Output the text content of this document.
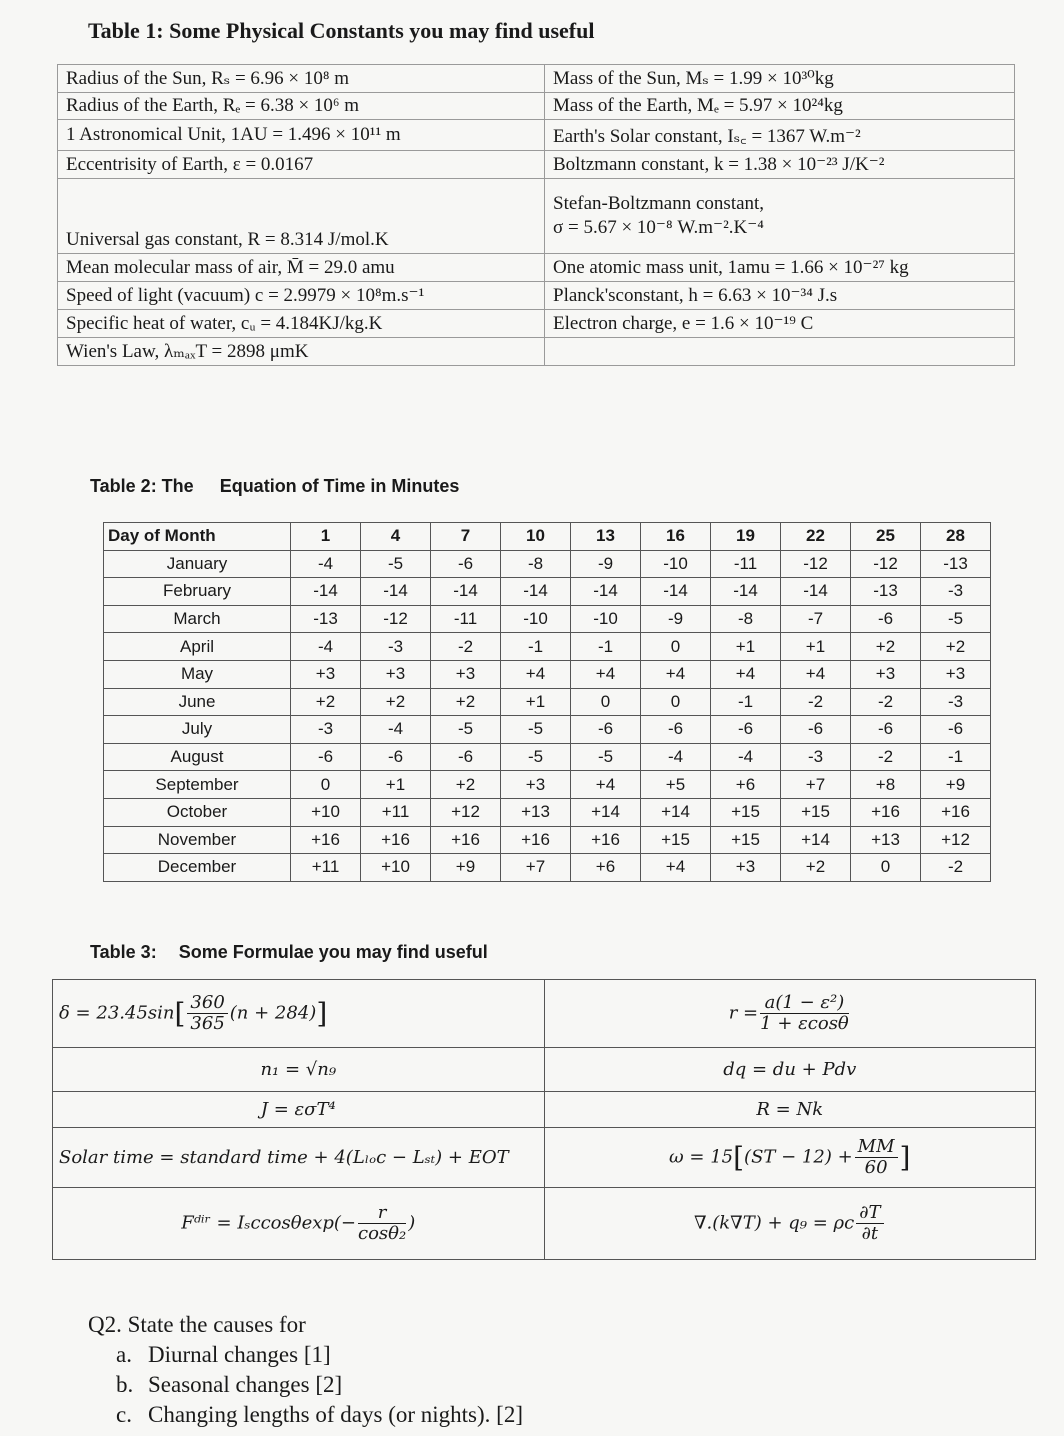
Table 1: Some Physical Constants you may find useful
Radius of the Sun, Rₛ = 6.96 × 10⁸ m	Mass of the Sun, Mₛ = 1.99 × 10³⁰kg
Radius of the Earth, Rₑ = 6.38 × 10⁶ m	Mass of the Earth, Mₑ = 5.97 × 10²⁴kg
1 Astronomical Unit, 1AU = 1.496 × 10¹¹ m	Earth's Solar constant, Iₛ꜀ = 1367 W.m⁻²
Eccentrisity of Earth, ε = 0.0167	Boltzmann constant, k = 1.38 × 10⁻²³ J/K⁻²
Universal gas constant, R = 8.314 J/mol.K	Stefan-Boltzmann constant,
σ = 5.67 × 10⁻⁸ W.m⁻².K⁻⁴

Mean molecular mass of air, M̄ = 29.0 amu	One atomic mass unit, 1amu = 1.66 × 10⁻²⁷ kg
Speed of light (vacuum) c = 2.9979 × 10⁸m.s⁻¹	Planck'sconstant, h = 6.63 × 10⁻³⁴ J.s
Specific heat of water, cᵤ = 4.184KJ/kg.K	Electron charge, e = 1.6 × 10⁻¹⁹ C
Wien's Law, λₘₐₓT = 2898 μmK	
Table 2: The Equation of Time in Minutes
Day of Month	1	4	7	10	13	16	19	22	25	28
January	-4	-5	-6	-8	-9	-10	-11	-12	-12	-13
February	-14	-14	-14	-14	-14	-14	-14	-14	-13	-3
March	-13	-12	-11	-10	-10	-9	-8	-7	-6	-5
April	-4	-3	-2	-1	-1	0	+1	+1	+2	+2
May	+3	+3	+3	+4	+4	+4	+4	+4	+3	+3
June	+2	+2	+2	+1	0	0	-1	-2	-2	-3
July	-3	-4	-5	-5	-6	-6	-6	-6	-6	-6
August	-6	-6	-6	-5	-5	-4	-4	-3	-2	-1
September	0	+1	+2	+3	+4	+5	+6	+7	+8	+9
October	+10	+11	+12	+13	+14	+14	+15	+15	+16	+16
November	+16	+16	+16	+16	+16	+15	+15	+14	+13	+12
December	+11	+10	+9	+7	+6	+4	+3	+2	0	-2
Table 3: Some Formulae you may find useful
$\delta = 23.45\sin[ \frac{360}{365} (n + 284)]$	$r = \frac{\text{a(1 − ε²)}}{1 + \varepsilon\cos\theta}$

n₁ = √n₉	dq = du + Pdv
J = εσT⁴	R = Nk
Solar time = standard time + 4(Lₗₒc − Lₛₜ) + EOT	$\omega = 15[(ST - 12) + \frac{MM}{60}$ ]
Fᵈⁱʳ = $I_sccos\theta\exp(- \frac{r}{\text{cosθ₂}}$ )	∇.(k∇T) + q₉ = ρc $\frac{\partial T}{\partial t}$
Q2. State the causes for
a. Diurnal changes [1]
b. Seasonal changes [2]
c. Changing lengths of days (or nights). [2]
